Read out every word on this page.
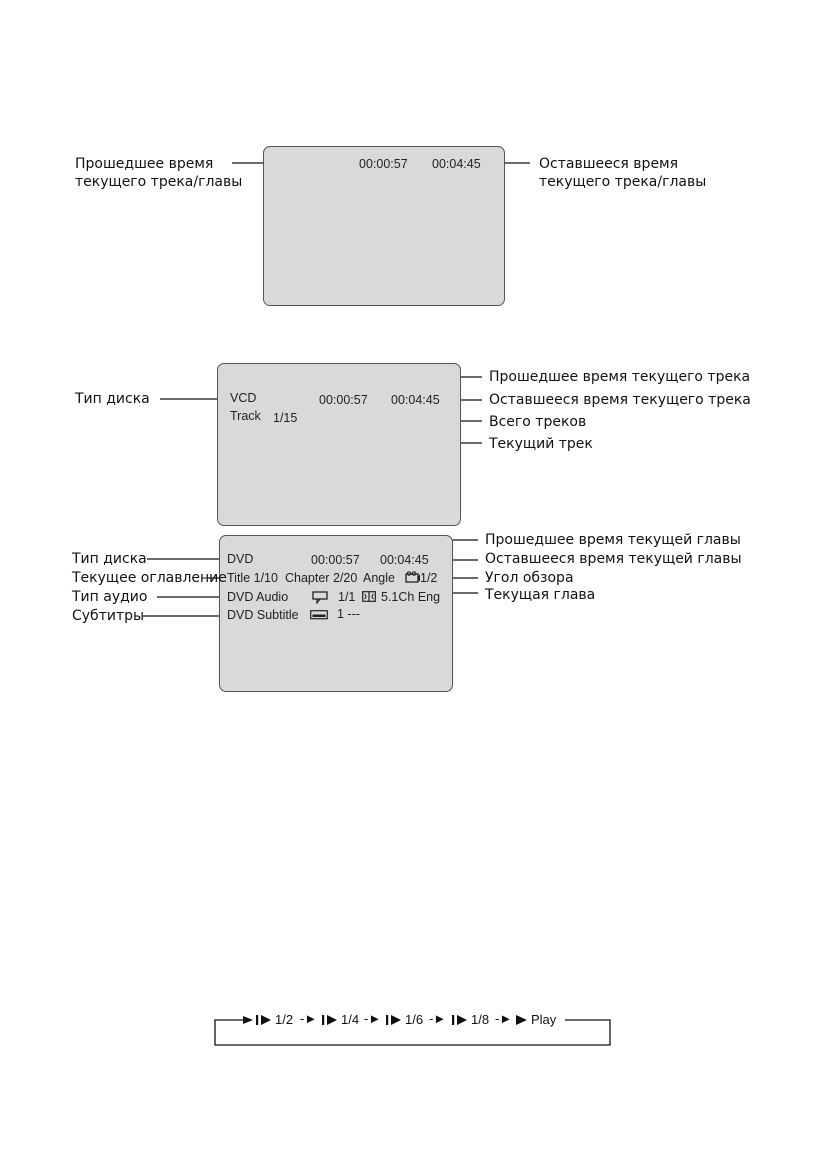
00:00:57 00:04:45
Прошедшее время
текущего трека/главы
Оставшееся время
текущего трека/главы
VCD	00:00:57 00:04:45
Track 1/15
Тип диска
Прошедшее время текущего трека
Оставшееся время текущего трека
Всего треков
Текущий трек
DVD	00:00:57 00:04:45
Title 1/10 Chapter 2/20 Angle 1/2
DVD Audio	1/1 5.1Ch Eng
DVD Subtitle	1 ---
Тип диска
Текущее оглавление
Тип аудио
Субтитры
Прошедшее время текущей главы
Оставшееся время текущей главы
Угол обзора
Текущая глава
1/2 -► 1/4 -► 1/6 -► 1/8 -► Play
